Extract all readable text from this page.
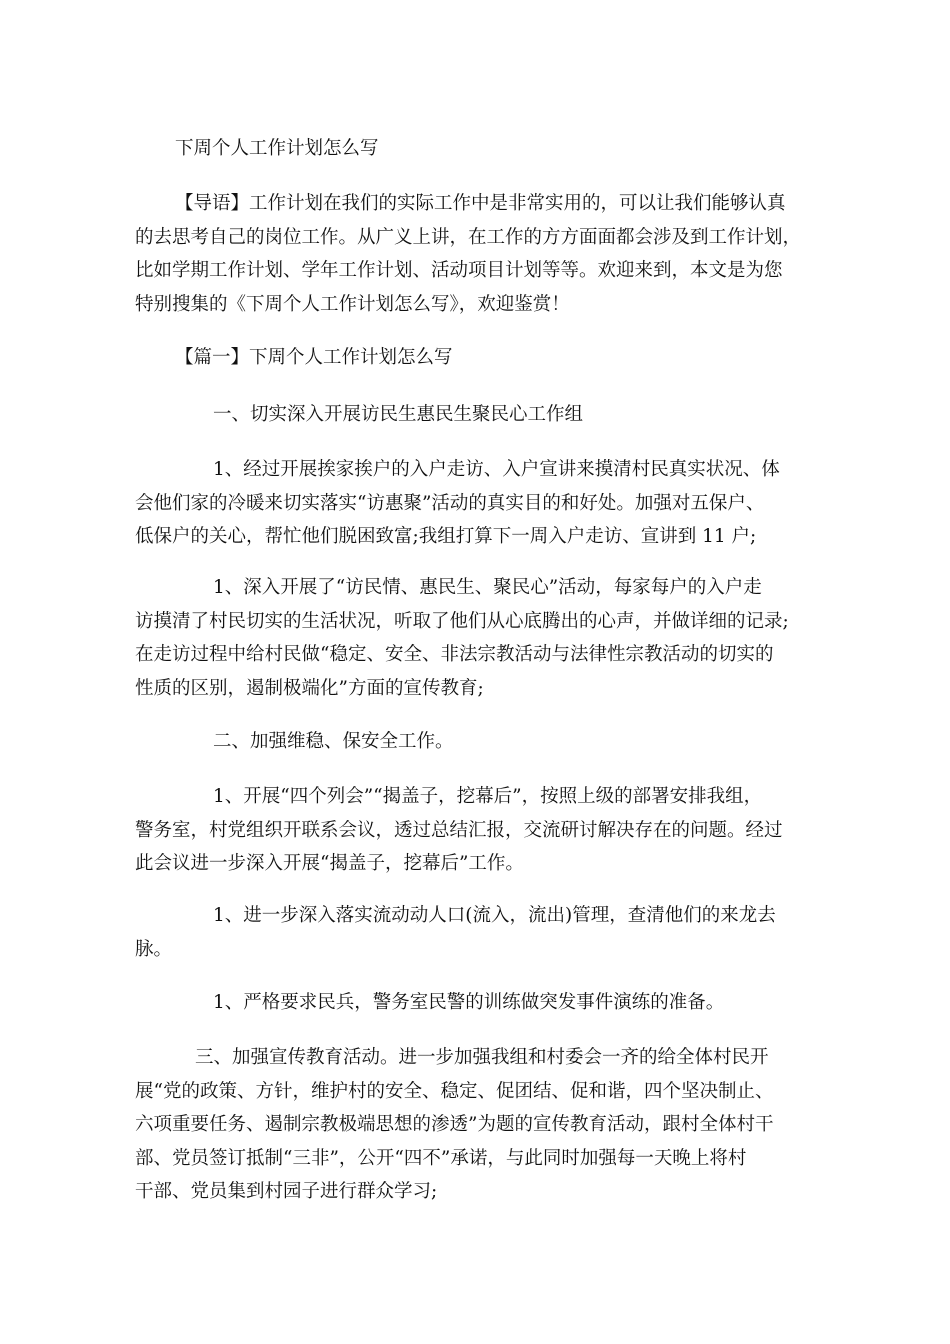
下周个人工作计划怎么写

【导语】工作计划在我们的实际工作中是非常实用的，可以让我们能够认真
的去思考自己的岗位工作。从广义上讲，在工作的方方面面都会涉及到工作计划，
比如学期工作计划、学年工作计划、活动项目计划等等。欢迎来到，本文是为您
特别搜集的《下周个人工作计划怎么写》，欢迎鉴赏！

【篇一】下周个人工作计划怎么写

一、切实深入开展访民生惠民生聚民心工作组

1、经过开展挨家挨户的入户走访、入户宣讲来摸清村民真实状况、体
会他们家的冷暖来切实落实“访惠聚”活动的真实目的和好处。加强对五保户、
低保户的关心，帮忙他们脱困致富;我组打算下一周入户走访、宣讲到 11 户;

1、深入开展了“访民情、惠民生、聚民心”活动，每家每户的入户走
访摸清了村民切实的生活状况，听取了他们从心底腾出的心声，并做详细的记录;
在走访过程中给村民做“稳定、安全、非法宗教活动与法律性宗教活动的切实的
性质的区别，遏制极端化”方面的宣传教育;

二、加强维稳、保安全工作。

1、开展“四个列会”“揭盖子，挖幕后”，按照上级的部署安排我组，
警务室，村党组织开联系会议，透过总结汇报，交流研讨解决存在的问题。经过
此会议进一步深入开展“揭盖子，挖幕后”工作。

1、进一步深入落实流动动人口(流入，流出)管理，查清他们的来龙去
脉。

1、严格要求民兵，警务室民警的训练做突发事件演练的准备。

三、加强宣传教育活动。进一步加强我组和村委会一齐的给全体村民开
展“党的政策、方针，维护村的安全、稳定、促团结、促和谐，四个坚决制止、
六项重要任务、遏制宗教极端思想的渗透”为题的宣传教育活动，跟村全体村干
部、党员签订抵制“三非”，公开“四不”承诺，与此同时加强每一天晚上将村
干部、党员集到村园子进行群众学习;
